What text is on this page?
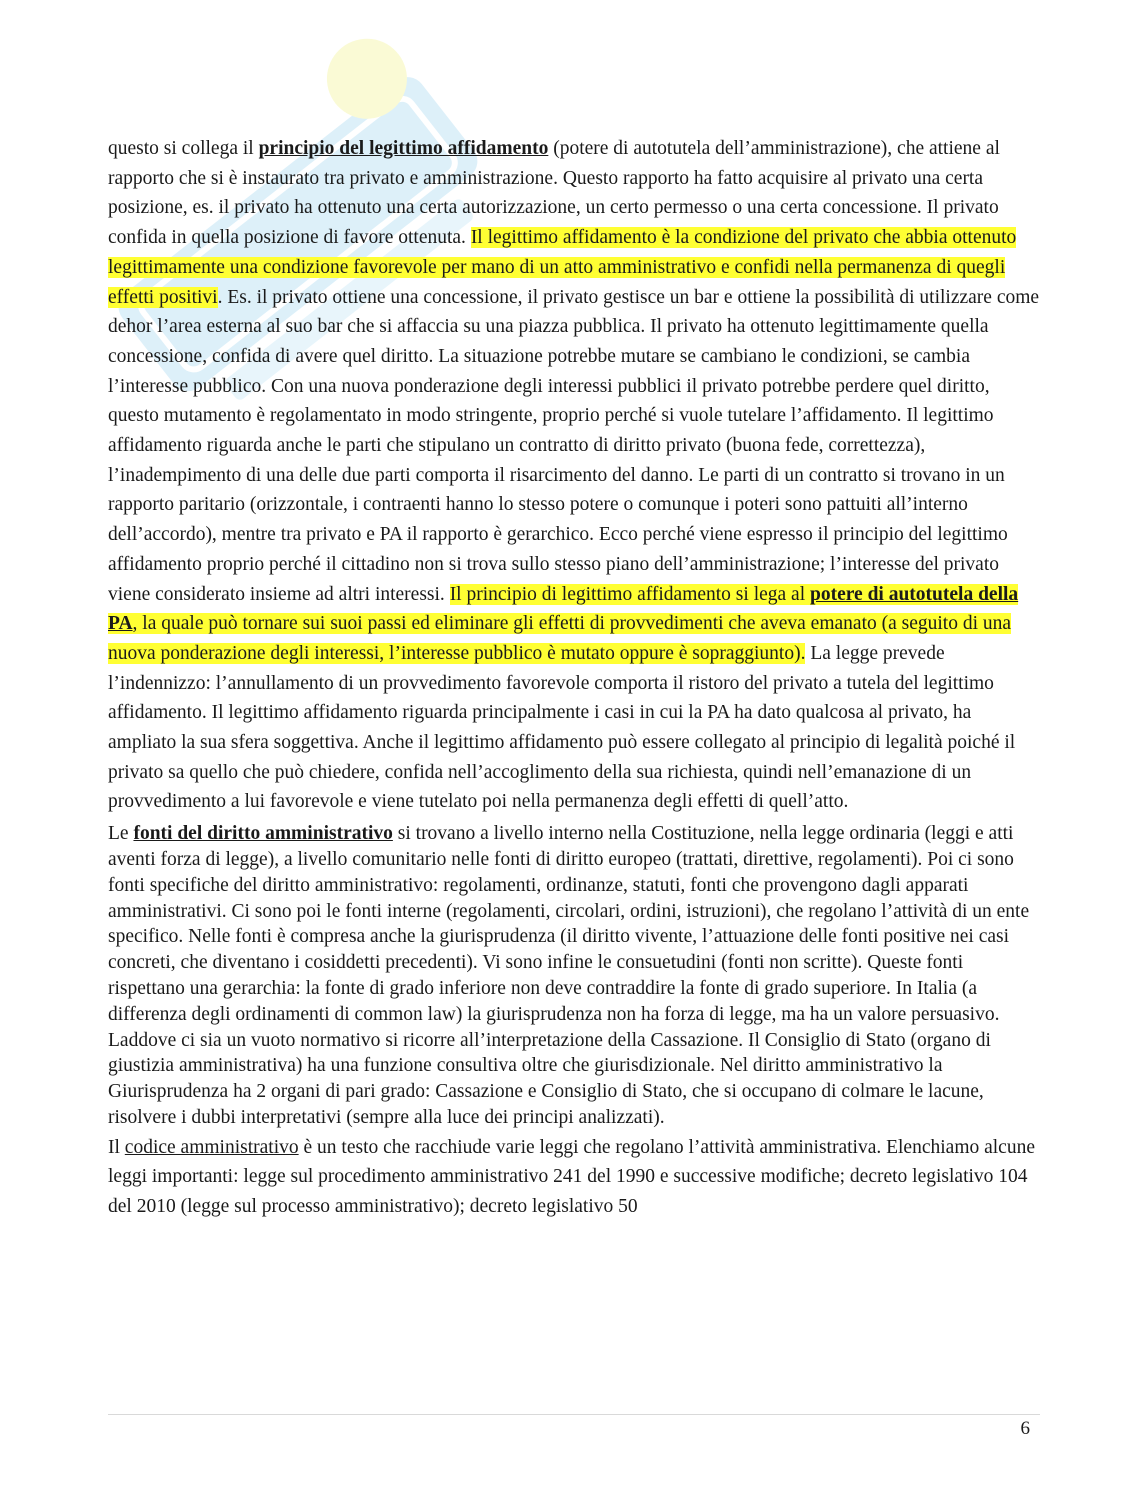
questo si collega il principio del legittimo affidamento (potere di autotutela dell’amministrazione), che attiene al rapporto che si è instaurato tra privato e amministrazione. Questo rapporto ha fatto acquisire al privato una certa posizione, es. il privato ha ottenuto una certa autorizzazione, un certo permesso o una certa concessione. Il privato confida in quella posizione di favore ottenuta. Il legittimo affidamento è la condizione del privato che abbia ottenuto legittimamente una condizione favorevole per mano di un atto amministrativo e confidi nella permanenza di quegli effetti positivi. Es. il privato ottiene una concessione, il privato gestisce un bar e ottiene la possibilità di utilizzare come dehor l’area esterna al suo bar che si affaccia su una piazza pubblica. Il privato ha ottenuto legittimamente quella concessione, confida di avere quel diritto. La situazione potrebbe mutare se cambiano le condizioni, se cambia l’interesse pubblico. Con una nuova ponderazione degli interessi pubblici il privato potrebbe perdere quel diritto, questo mutamento è regolamentato in modo stringente, proprio perché si vuole tutelare l’affidamento. Il legittimo affidamento riguarda anche le parti che stipulano un contratto di diritto privato (buona fede, correttezza), l’inadempimento di una delle due parti comporta il risarcimento del danno. Le parti di un contratto si trovano in un rapporto paritario (orizzontale, i contraenti hanno lo stesso potere o comunque i poteri sono pattuiti all’interno dell’accordo), mentre tra privato e PA il rapporto è gerarchico. Ecco perché viene espresso il principio del legittimo affidamento proprio perché il cittadino non si trova sullo stesso piano dell’amministrazione; l’interesse del privato viene considerato insieme ad altri interessi. Il principio di legittimo affidamento si lega al potere di autotutela della PA, la quale può tornare sui suoi passi ed eliminare gli effetti di provvedimenti che aveva emanato (a seguito di una nuova ponderazione degli interessi, l’interesse pubblico è mutato oppure è sopraggiunto). La legge prevede l’indennizzo: l’annullamento di un provvedimento favorevole comporta il ristoro del privato a tutela del legittimo affidamento. Il legittimo affidamento riguarda principalmente i casi in cui la PA ha dato qualcosa al privato, ha ampliato la sua sfera soggettiva. Anche il legittimo affidamento può essere collegato al principio di legalità poiché il privato sa quello che può chiedere, confida nell’accoglimento della sua richiesta, quindi nell’emanazione di un provvedimento a lui favorevole e viene tutelato poi nella permanenza degli effetti di quell’atto.

Le fonti del diritto amministrativo si trovano a livello interno nella Costituzione, nella legge ordinaria (leggi e atti aventi forza di legge), a livello comunitario nelle fonti di diritto europeo (trattati, direttive, regolamenti). Poi ci sono fonti specifiche del diritto amministrativo: regolamenti, ordinanze, statuti, fonti che provengono dagli apparati amministrativi. Ci sono poi le fonti interne (regolamenti, circolari, ordini, istruzioni), che regolano l’attività di un ente specifico. Nelle fonti è compresa anche la giurisprudenza (il diritto vivente, l’attuazione delle fonti positive nei casi concreti, che diventano i cosiddetti precedenti). Vi sono infine le consuetudini (fonti non scritte). Queste fonti rispettano una gerarchia: la fonte di grado inferiore non deve contraddire la fonte di grado superiore. In Italia (a differenza degli ordinamenti di common law) la giurisprudenza non ha forza di legge, ma ha un valore persuasivo. Laddove ci sia un vuoto normativo si ricorre all’interpretazione della Cassazione. Il Consiglio di Stato (organo di giustizia amministrativa) ha una funzione consultiva oltre che giurisdizionale. Nel diritto amministrativo la Giurisprudenza ha 2 organi di pari grado: Cassazione e Consiglio di Stato, che si occupano di colmare le lacune, risolvere i dubbi interpretativi (sempre alla luce dei principi analizzati).

Il codice amministrativo è un testo che racchiude varie leggi che regolano l’attività amministrativa. Elenchiamo alcune leggi importanti: legge sul procedimento amministrativo 241 del 1990 e successive modifiche; decreto legislativo 104 del 2010 (legge sul processo amministrativo); decreto legislativo 50

6
